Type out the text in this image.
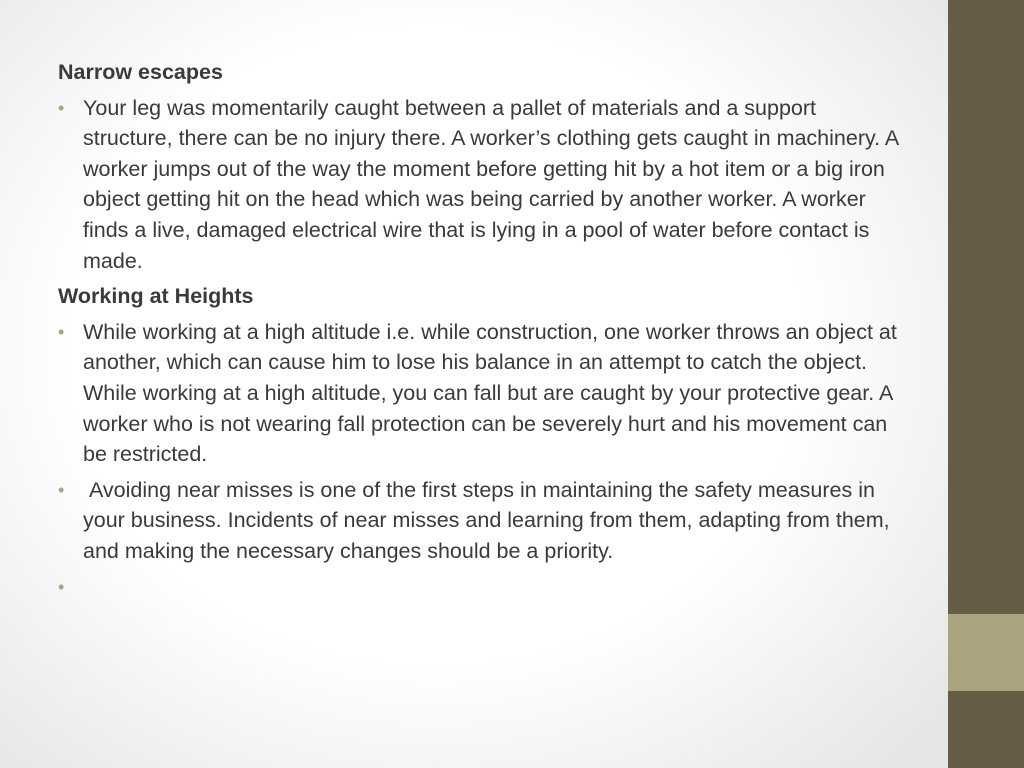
Narrow escapes
• Your leg was momentarily caught between a pallet of materials and a support structure, there can be no injury there. A worker’s clothing gets caught in machinery. A worker jumps out of the way the moment before getting hit by a hot item or a big iron object getting hit on the head which was being carried by another worker. A worker finds a live, damaged electrical wire that is lying in a pool of water before contact is made.
Working at Heights
• While working at a high altitude i.e. while construction, one worker throws an object at another, which can cause him to lose his balance in an attempt to catch the object. While working at a high altitude, you can fall but are caught by your protective gear. A worker who is not wearing fall protection can be severely hurt and his movement can be restricted.
• Avoiding near misses is one of the first steps in maintaining the safety measures in your business. Incidents of near misses and learning from them, adapting from them, and making the necessary changes should be a priority.
•
